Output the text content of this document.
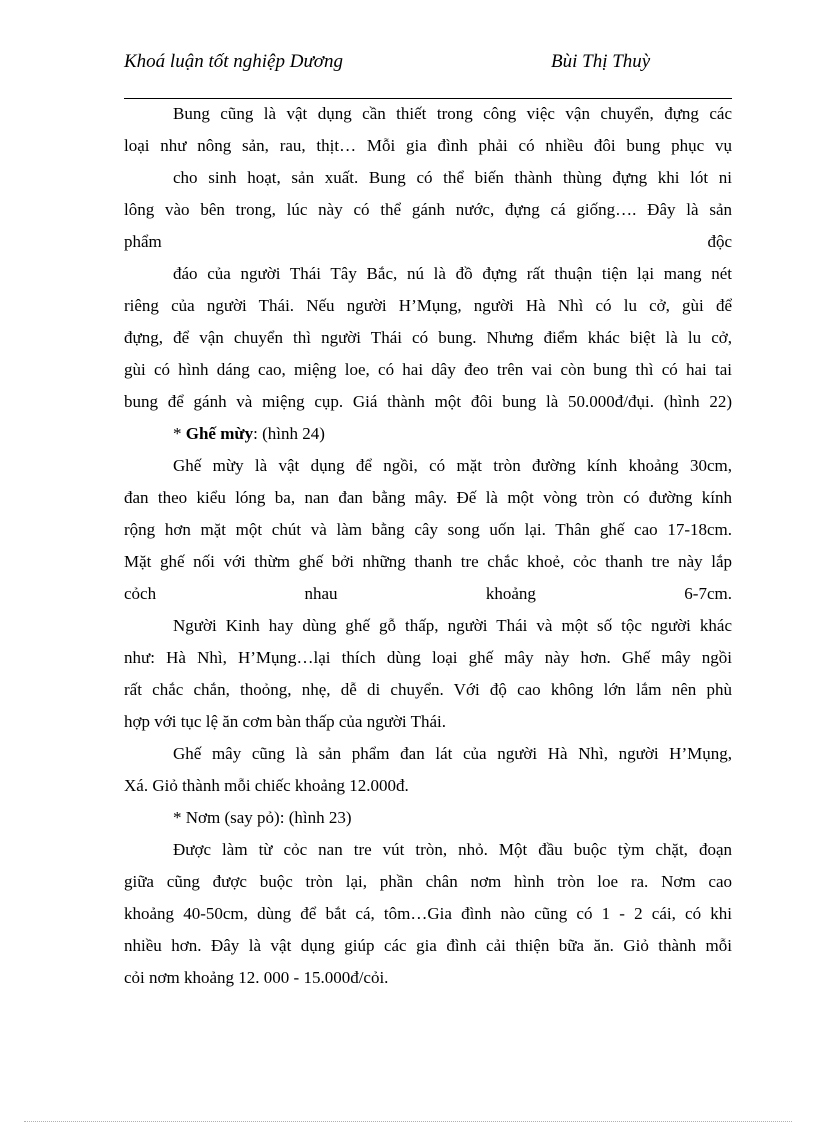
Khoá luận tốt nghiệp Dương	Bùi Thị Thuỳ
Bung cũng là vật dụng cần thiết trong công việc vận chuyển, đựng các
loại như nông sản, rau, thịt… Mỗi gia đình phải có nhiều đôi bung phục vụ
cho sinh hoạt, sản xuất. Bung có thể biến thành thùng đựng khi lót ni
lông vào bên trong, lúc này có thể gánh nước, đựng cá giống…. Đây là sản
phẩm độc
đáo của người Thái Tây Bắc, nú là đồ đựng rất thuận tiện lại mang nét
riêng của người Thái. Nếu người H’Mụng, người Hà Nhì có lu cở, gùi để
đựng, để vận chuyển thì người Thái có bung. Nhưng điểm khác biệt là lu cở,
gùi có hình dáng cao, miệng loe, có hai dây đeo trên vai còn bung thì có hai tai
bung để gánh và miệng cụp. Giá thành một đôi bung là 50.000đ/đụi. (hình 22)
* Ghế mừy: (hình 24)
Ghế mừy là vật dụng để ngồi, có mặt tròn đường kính khoảng 30cm,
đan theo kiểu lóng ba, nan đan bằng mây. Đế là một vòng tròn có đường kính
rộng hơn mặt một chút và làm bằng cây song uốn lại. Thân ghế cao 17-18cm.
Mặt ghế nối với thừm ghế bởi những thanh tre chắc khoẻ, cỏc thanh tre này lắp
cỏch nhau khoảng 6-7cm.
Người Kinh hay dùng ghế gỗ thấp, người Thái và một số tộc người khác
như: Hà Nhì, H’Mụng…lại thích dùng loại ghế mây này hơn. Ghế mây ngồi
rất chắc chắn, thoỏng, nhẹ, dễ di chuyển. Với độ cao không lớn lắm nên phù
hợp với tục lệ ăn cơm bàn thấp của người Thái.
Ghế mây cũng là sản phẩm đan lát của người Hà Nhì, người H’Mụng,
Xá. Giỏ thành mỗi chiếc khoảng 12.000đ.
* Nơm (say pỏ): (hình 23)
Được làm từ cỏc nan tre vút tròn, nhỏ. Một đầu buộc tỳm chặt, đoạn
giữa cũng được buộc tròn lại, phần chân nơm hình tròn loe ra. Nơm cao
khoảng 40-50cm, dùng để bắt cá, tôm…Gia đình nào cũng có 1 - 2 cái, có khi
nhiều hơn. Đây là vật dụng giúp các gia đình cải thiện bữa ăn. Giỏ thành mỗi
cỏi nơm khoảng 12. 000 - 15.000đ/cỏi.
